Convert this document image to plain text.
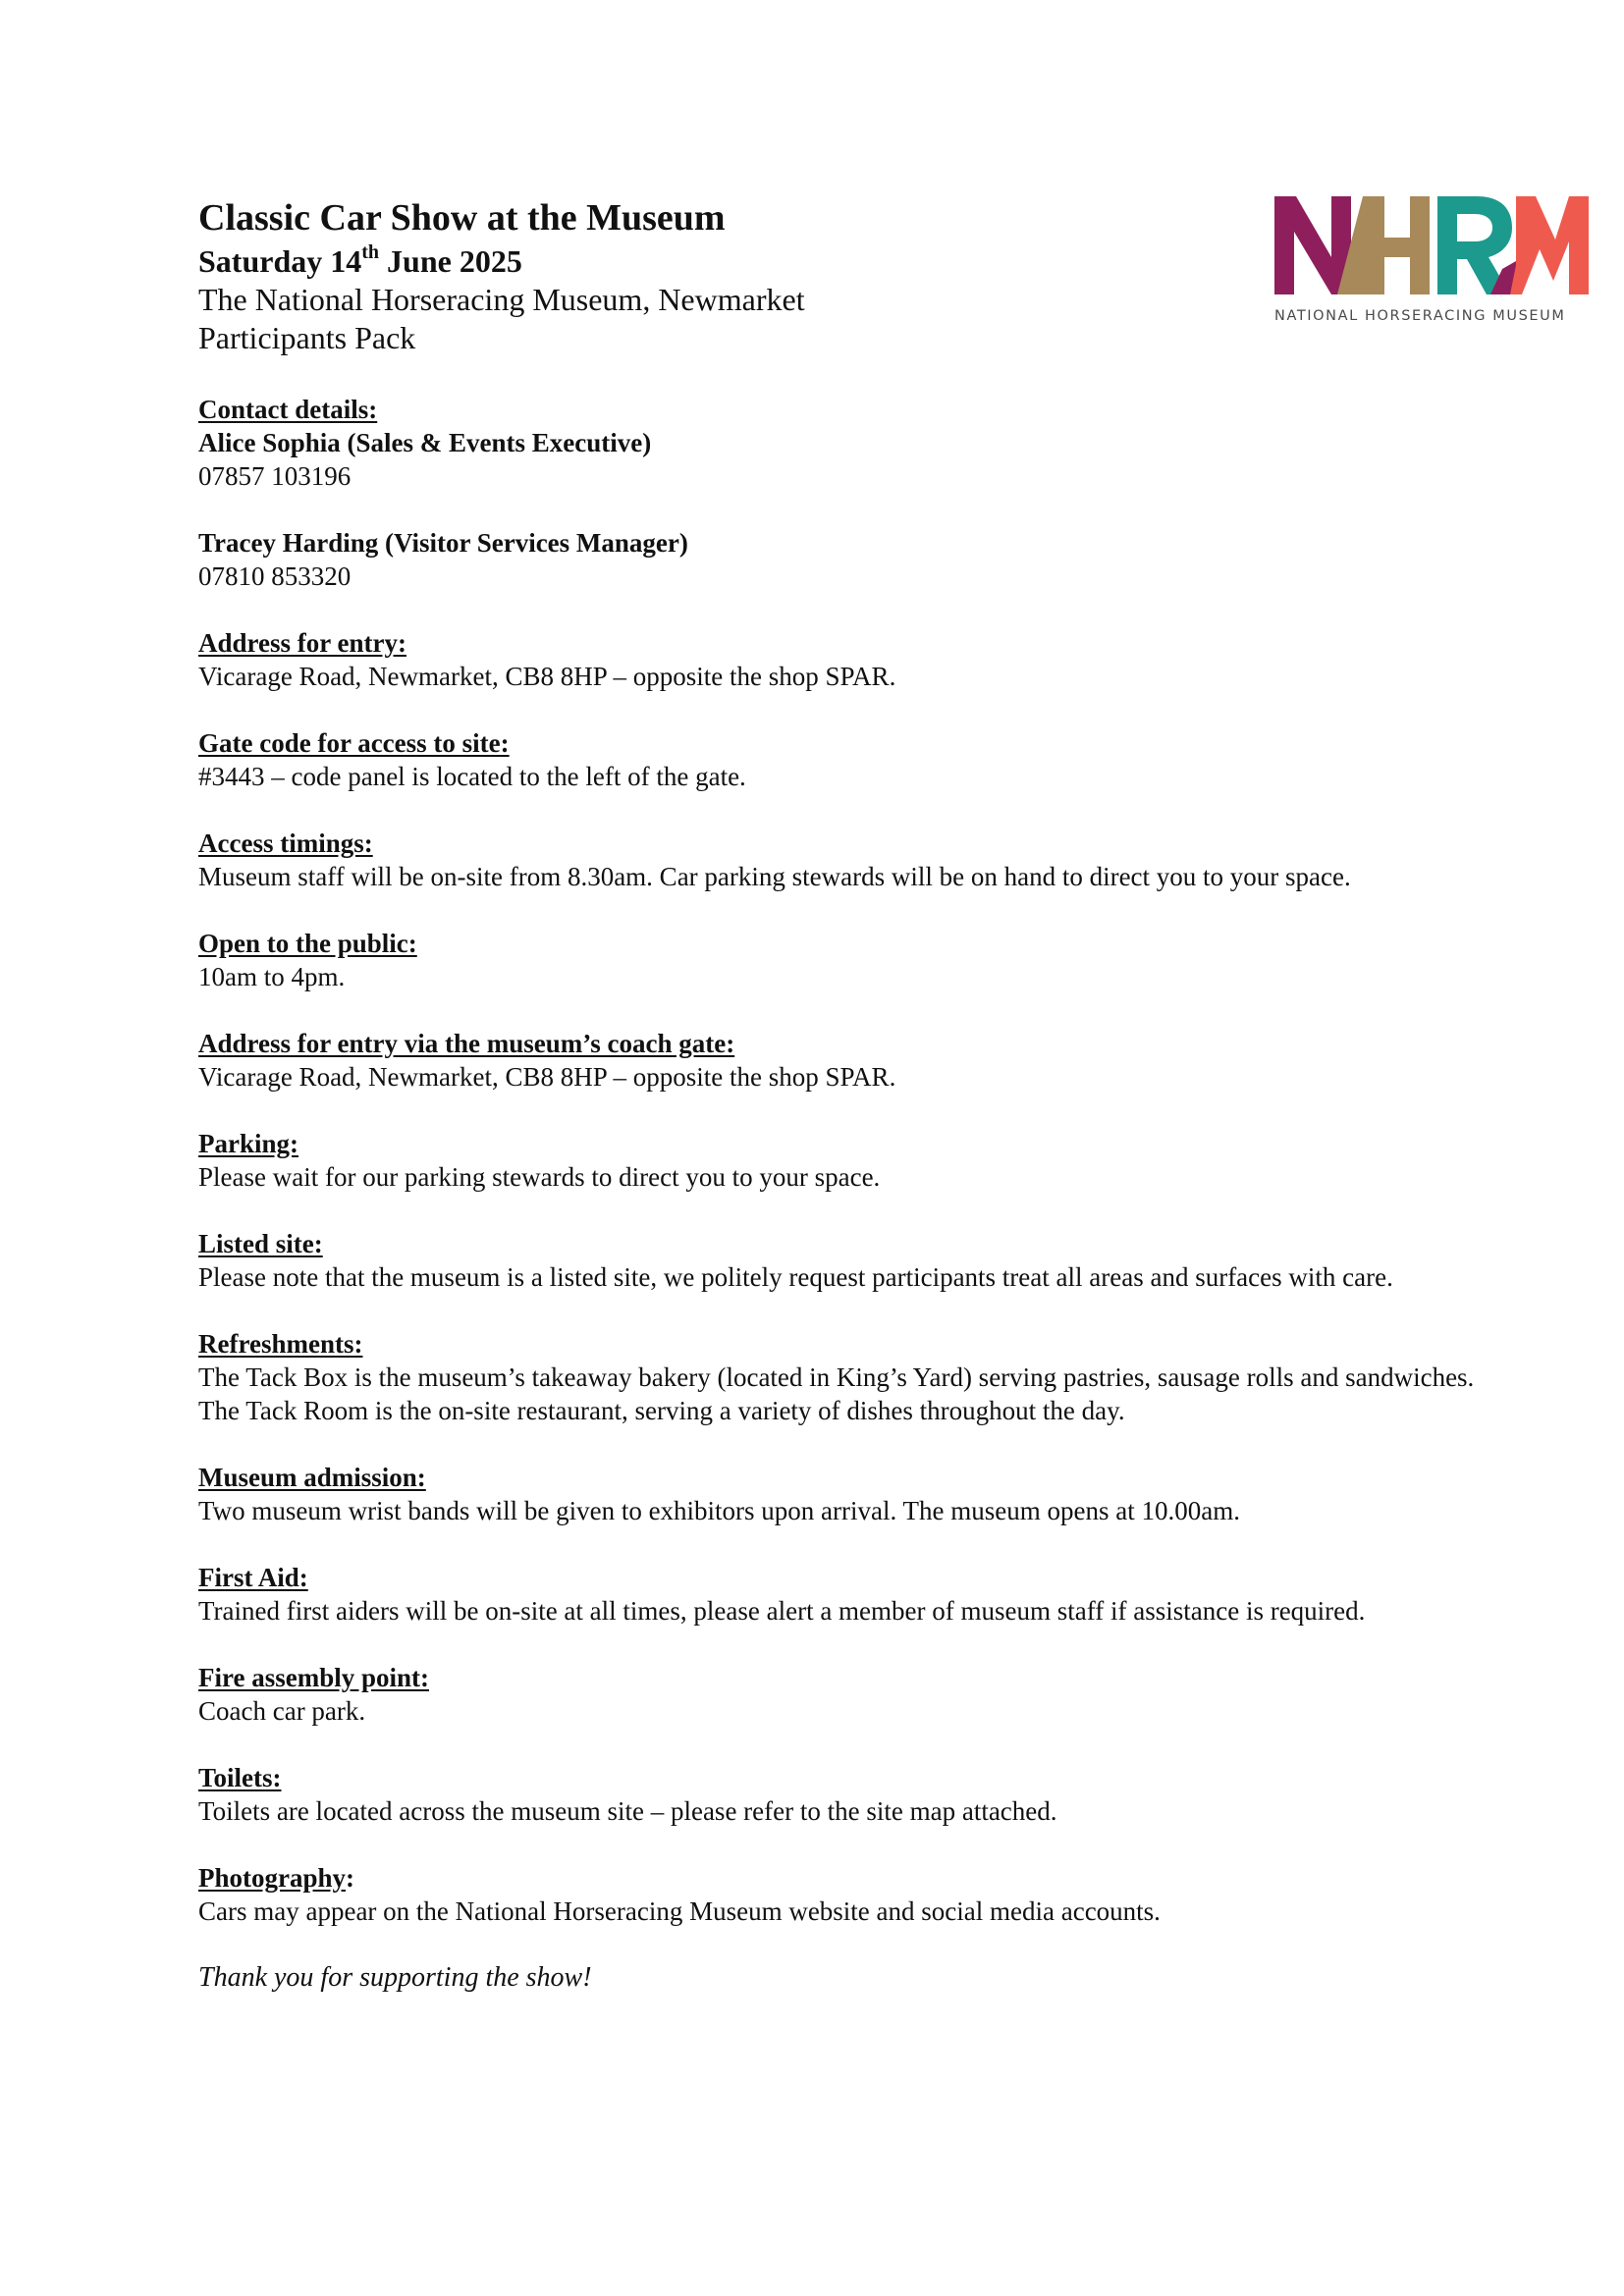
NATIONAL HORSERACING MUSEUM

Classic Car Show at the Museum

Saturday 14th June 2025

The National Horseracing Museum, Newmarket

Participants Pack

Contact details:
Alice Sophia (Sales & Events Executive)
07857 103196
Tracey Harding (Visitor Services Manager)
07810 853320
Address for entry:

Vicarage Road, Newmarket, CB8 8HP – opposite the shop SPAR.

Gate code for access to site:

#3443 – code panel is located to the left of the gate.

Access timings:

Museum staff will be on-site from 8.30am. Car parking stewards will be on hand to direct you to your space.

Open to the public:

10am to 4pm.

Address for entry via the museum’s coach gate:

Vicarage Road, Newmarket, CB8 8HP – opposite the shop SPAR.

Parking:

Please wait for our parking stewards to direct you to your space.

Listed site:

Please note that the museum is a listed site, we politely request participants treat all areas and surfaces with care.

Refreshments:

The Tack Box is the museum’s takeaway bakery (located in King’s Yard) serving pastries, sausage rolls and sandwiches. The Tack Room is the on-site restaurant, serving a variety of dishes throughout the day.

Museum admission:

Two museum wrist bands will be given to exhibitors upon arrival. The museum opens at 10.00am.

First Aid:

Trained first aiders will be on-site at all times, please alert a member of museum staff if assistance is required.

Fire assembly point:

Coach car park.

Toilets:

Toilets are located across the museum site – please refer to the site map attached.

Photography:

Cars may appear on the National Horseracing Museum website and social media accounts.

Thank you for supporting the show!
